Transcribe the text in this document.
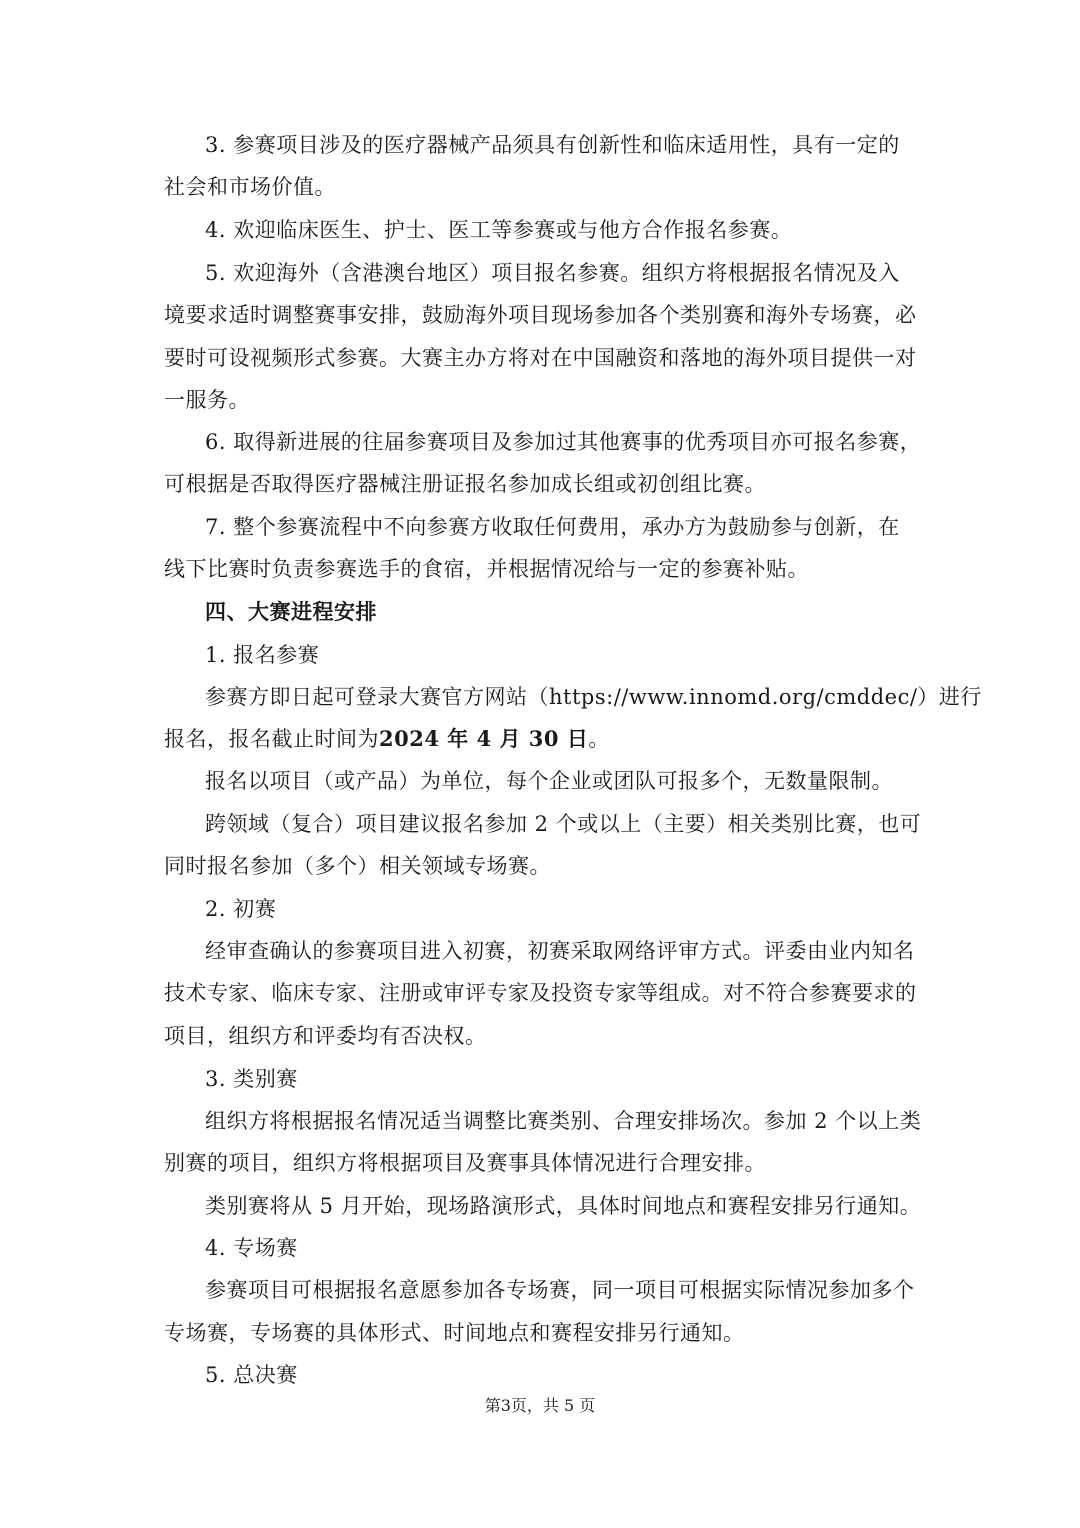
3. 参赛项目涉及的医疗器械产品须具有创新性和临床适用性，具有一定的
社会和市场价值。
4. 欢迎临床医生、护士、医工等参赛或与他方合作报名参赛。
5. 欢迎海外（含港澳台地区）项目报名参赛。组织方将根据报名情况及入
境要求适时调整赛事安排，鼓励海外项目现场参加各个类别赛和海外专场赛，必
要时可设视频形式参赛。大赛主办方将对在中国融资和落地的海外项目提供一对
一服务。
6. 取得新进展的往届参赛项目及参加过其他赛事的优秀项目亦可报名参赛，
可根据是否取得医疗器械注册证报名参加成长组或初创组比赛。
7. 整个参赛流程中不向参赛方收取任何费用，承办方为鼓励参与创新，在
线下比赛时负责参赛选手的食宿，并根据情况给与一定的参赛补贴。
四、大赛进程安排
1. 报名参赛
参赛方即日起可登录大赛官方网站（https://www.innomd.org/cmddec/）进行
报名，报名截止时间为2024 年 4 月 30 日。
报名以项目（或产品）为单位，每个企业或团队可报多个，无数量限制。
跨领域（复合）项目建议报名参加 2 个或以上（主要）相关类别比赛，也可
同时报名参加（多个）相关领域专场赛。
2. 初赛
经审查确认的参赛项目进入初赛，初赛采取网络评审方式。评委由业内知名
技术专家、临床专家、注册或审评专家及投资专家等组成。对不符合参赛要求的
项目，组织方和评委均有否决权。
3. 类别赛
组织方将根据报名情况适当调整比赛类别、合理安排场次。参加 2 个以上类
别赛的项目，组织方将根据项目及赛事具体情况进行合理安排。
类别赛将从 5 月开始，现场路演形式，具体时间地点和赛程安排另行通知。
4. 专场赛
参赛项目可根据报名意愿参加各专场赛，同一项目可根据实际情况参加多个
专场赛，专场赛的具体形式、时间地点和赛程安排另行通知。
5. 总决赛
第3页，共 5 页
